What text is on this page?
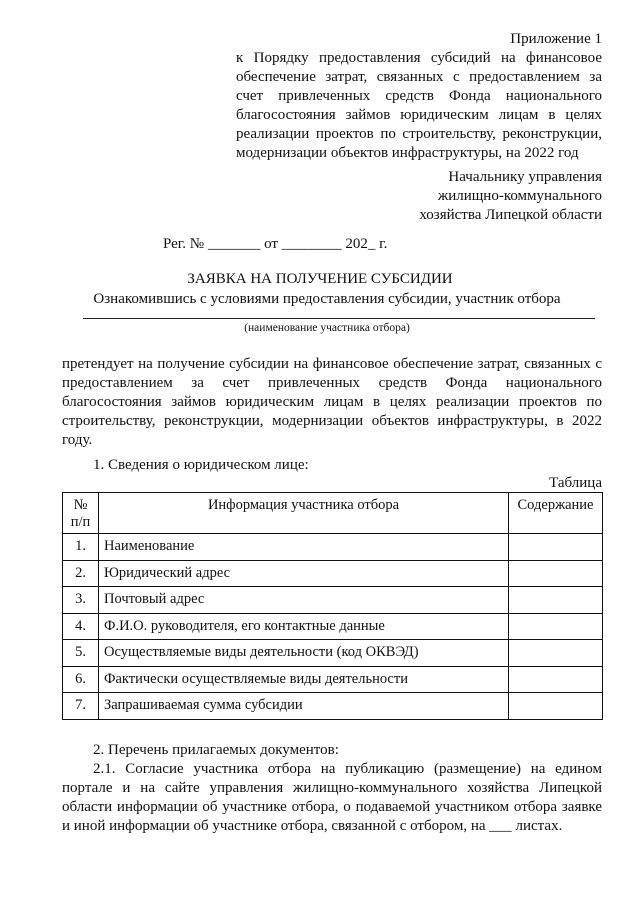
Приложение 1
к Порядку предоставления субсидий на финансовое обеспечение затрат, связанных с предоставлением за счет привлеченных средств Фонда национального благосостояния займов юридическим лицам в целях реализации проектов по строительству, реконструкции, модернизации объектов инфраструктуры, на 2022 год
Начальнику управления
жилищно-коммунального
хозяйства Липецкой области
Рег. № _______ от ________ 202_ г.
ЗАЯВКА НА ПОЛУЧЕНИЕ СУБСИДИИ
Ознакомившись с условиями предоставления субсидии, участник отбора
(наименование участника отбора)
претендует на получение субсидии на финансовое обеспечение затрат, связанных с предоставлением за счет привлеченных средств Фонда национального благосостояния займов юридическим лицам в целях реализации проектов по строительству, реконструкции, модернизации объектов инфраструктуры, в 2022 году.
1. Сведения о юридическом лице:
Таблица
№ п/п	Информация участника отбора	Содержание
1.	Наименование	
2.	Юридический адрес	
3.	Почтовый адрес	
4.	Ф.И.О. руководителя, его контактные данные	
5.	Осуществляемые виды деятельности (код ОКВЭД)	
6.	Фактически осуществляемые виды деятельности	
7.	Запрашиваемая сумма субсидии	
2. Перечень прилагаемых документов:
2.1. Согласие участника отбора на публикацию (размещение) на едином портале и на сайте управления жилищно-коммунального хозяйства Липецкой области информации об участнике отбора, о подаваемой участником отбора заявке и иной информации об участнике отбора, связанной с отбором, на ___ листах.
